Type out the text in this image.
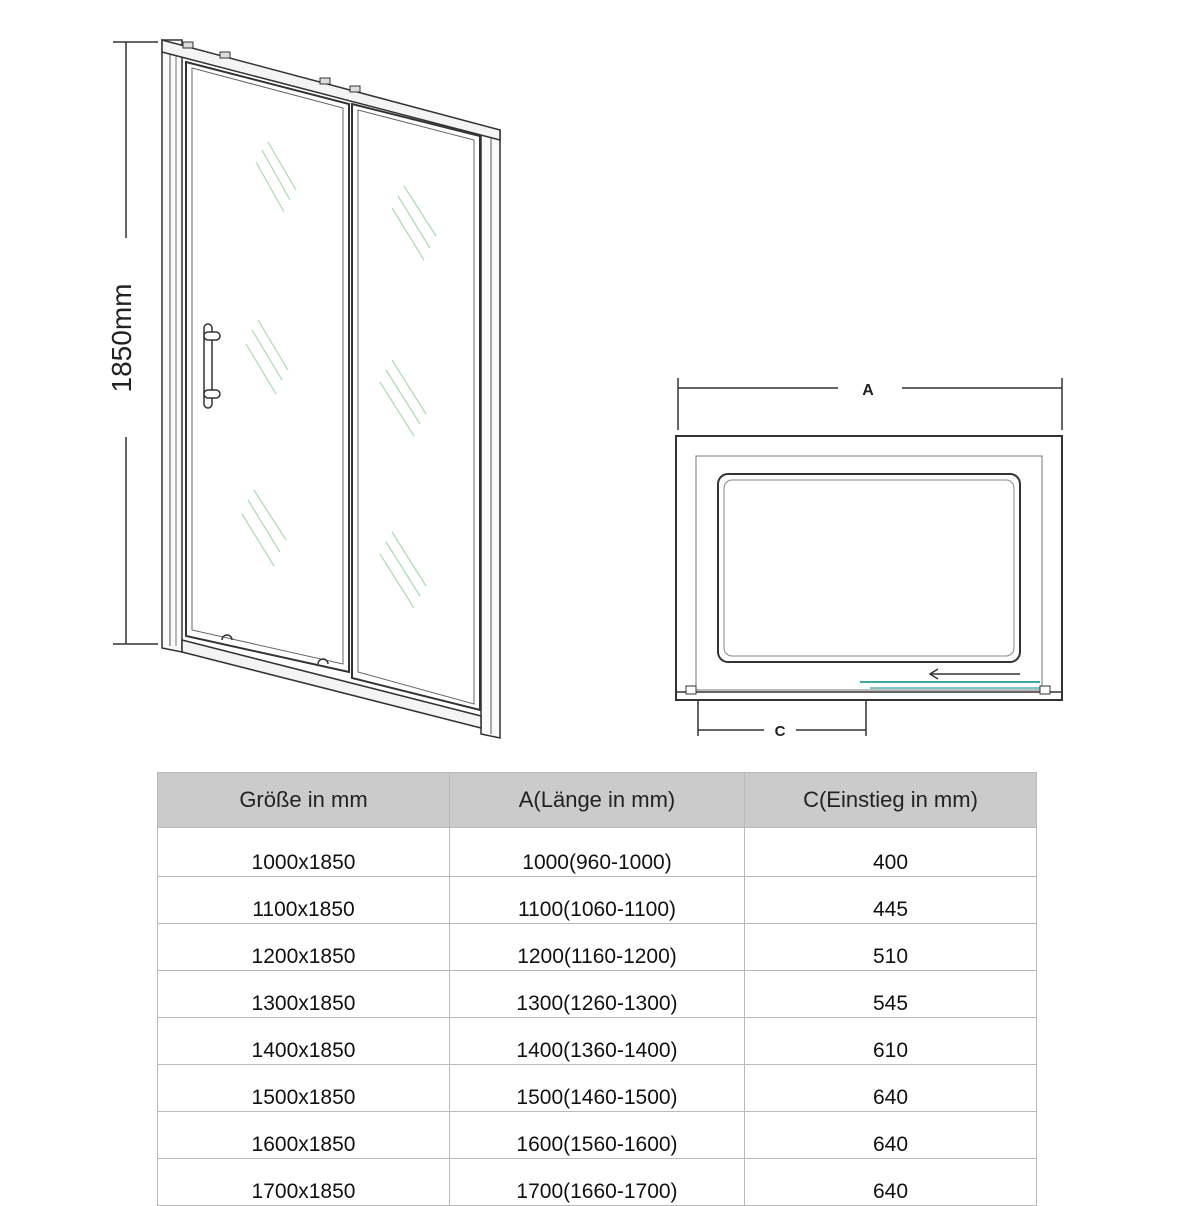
1850mm	A
C
Größe in mm	A(Länge in mm)	C(Einstieg in mm)
1000x1850	1000(960-1000)	400
1100x1850	1100(1060-1100)	445
1200x1850	1200(1160-1200)	510
1300x1850	1300(1260-1300)	545
1400x1850	1400(1360-1400)	610
1500x1850	1500(1460-1500)	640
1600x1850	1600(1560-1600)	640
1700x1850	1700(1660-1700)	640
